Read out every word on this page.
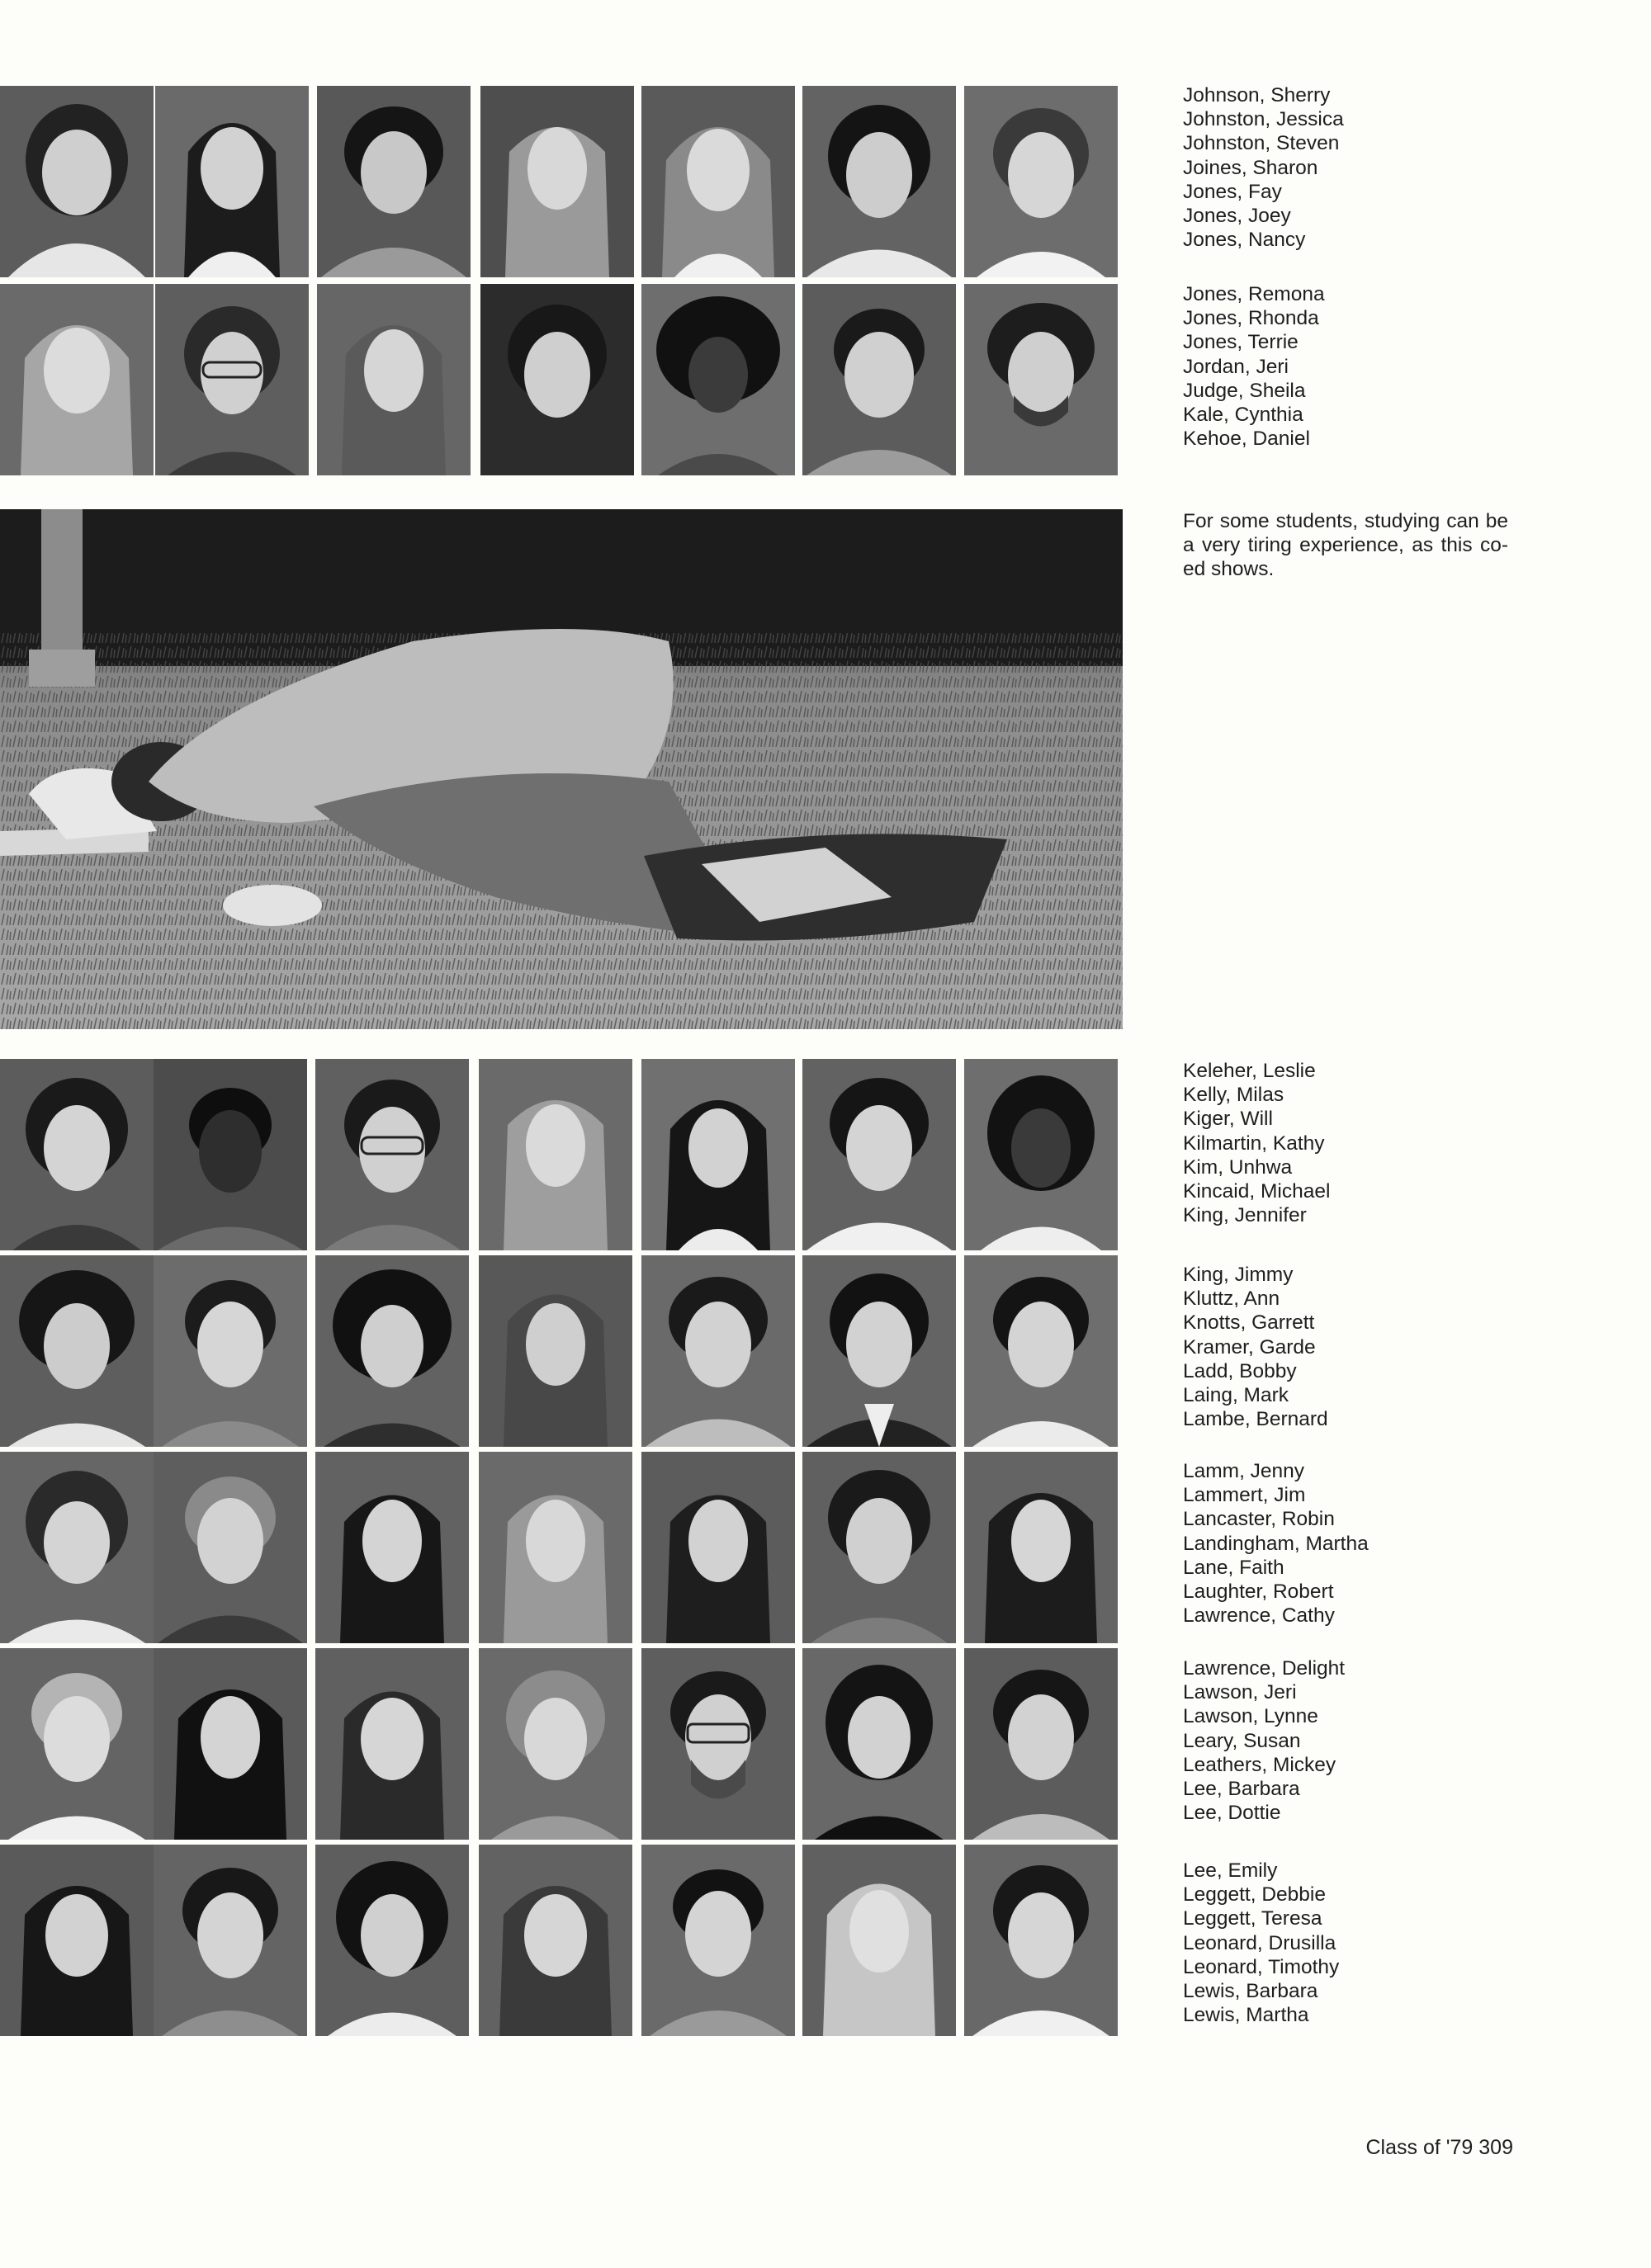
Johnson, Sherry
Johnston, Jessica
Johnston, Steven
Joines, Sharon
Jones, Fay
Jones, Joey
Jones, Nancy
Jones, Remona
Jones, Rhonda
Jones, Terrie
Jordan, Jeri
Judge, Sheila
Kale, Cynthia
Kehoe, Daniel
For some students, studying can be a very tiring experience, as this co-ed shows.
Keleher, Leslie
Kelly, Milas
Kiger, Will
Kilmartin, Kathy
Kim, Unhwa
Kincaid, Michael
King, Jennifer
King, Jimmy
Kluttz, Ann
Knotts, Garrett
Kramer, Garde
Ladd, Bobby
Laing, Mark
Lambe, Bernard
Lamm, Jenny
Lammert, Jim
Lancaster, Robin
Landingham, Martha
Lane, Faith
Laughter, Robert
Lawrence, Cathy
Lawrence, Delight
Lawson, Jeri
Lawson, Lynne
Leary, Susan
Leathers, Mickey
Lee, Barbara
Lee, Dottie
Lee, Emily
Leggett, Debbie
Leggett, Teresa
Leonard, Drusilla
Leonard, Timothy
Lewis, Barbara
Lewis, Martha
Class of '79 309
